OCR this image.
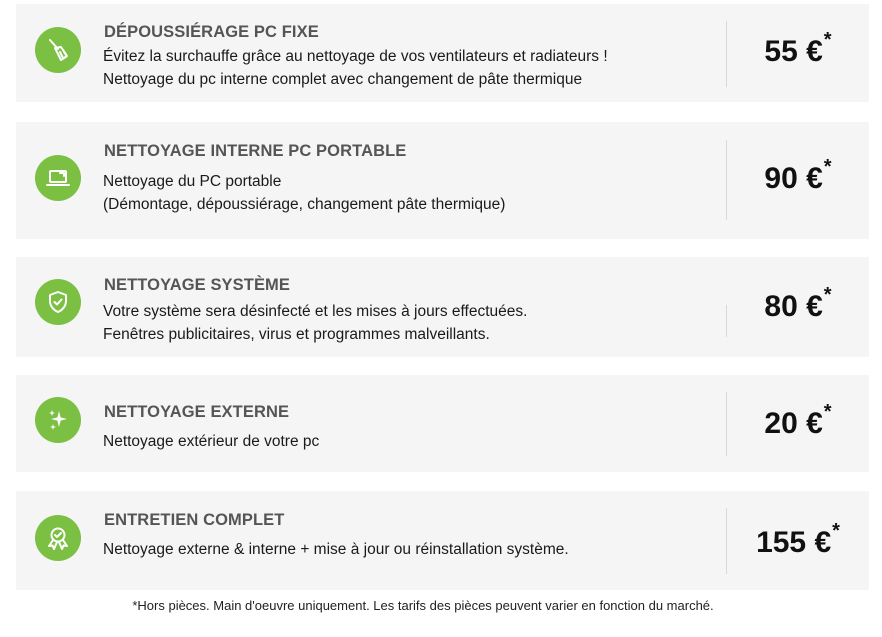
DÉPOUSSIÉRAGE PC FIXE
Évitez la surchauffe grâce au nettoyage de vos ventilateurs et radiateurs !
Nettoyage du pc interne complet avec changement de pâte thermique
55 €*
NETTOYAGE INTERNE PC PORTABLE
Nettoyage du PC portable
(Démontage, dépoussiérage, changement pâte thermique)
90 €*
NETTOYAGE SYSTÈME
Votre système sera désinfecté et les mises à jours effectuées.
Fenêtres publicitaires, virus et programmes malveillants.
80 €*
NETTOYAGE EXTERNE
Nettoyage extérieur de votre pc
20 €*
ENTRETIEN COMPLET
Nettoyage externe & interne + mise à jour ou réinstallation système.	155 €*
*Hors pièces. Main d'oeuvre uniquement. Les tarifs des pièces peuvent varier en fonction du marché.
